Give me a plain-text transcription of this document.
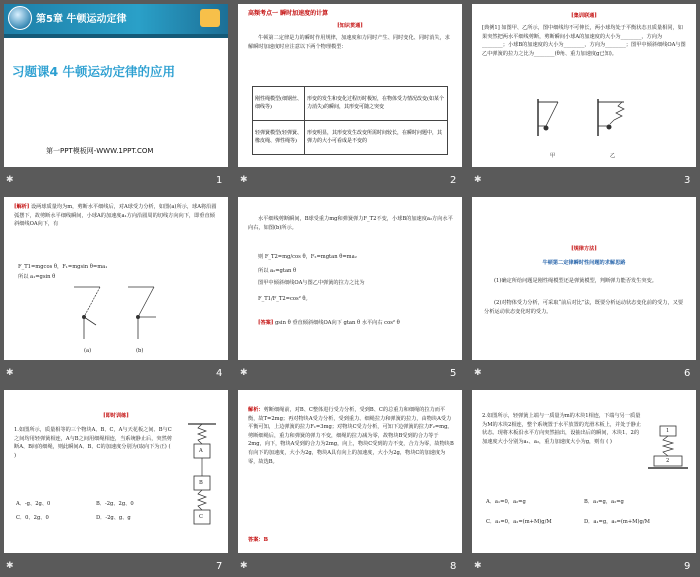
第5章 牛顿运动定律
习题课4 牛顿运动定律的应用
第一PPT模板网-WWW.1PPT.COM
1
✱
高频考点一 瞬时加速度的计算
[知识贯通]
牛顿第二定律是力的瞬时作用规律，加速度和力同时产生、同时变化、同时消失，求解瞬时加速度时应注意以下两个物理模型：
刚性绳模型(细钢丝、细线等)	形变的发生和变化过程历时极短，在物体受力情况改变(如某个力消失)的瞬间，其形变可随之突变
轻弹簧模型(轻弹簧、橡皮绳、弹性绳等)	形变明显，其形变发生改变所需时间较长，在瞬时问题中，其弹力的大小可看成是不变的
2
✱
[集训联通]
[典例1] 如图甲、乙所示，图中细线均不可伸长，两小球均处于平衡状态且质量相同，如果突然把两水平细线剪断，剪断瞬间小球A的加速度的大小为________，方向为________；小球B的加速度的大小为________，方向为________；图甲中倾斜细线OA与图乙中弹簧的拉力之比为________(θ角、重力加速度g已知)。
甲	乙
3
✱
[解析] 设两球质量均为m，剪断水平细线后，对A球受力分析，如图(a)所示，球A将沿圆弧摆下，故剪断水平细线瞬间，小球A的加速度a₁方向沿圆周的切线方向向下，即垂直倾斜细线OA向下，有
F_T1=mgcos θ，F₁=mgsin θ=ma₁
所以 a₁=gsin θ
(a)	(b)
4
✱
水平细线剪断瞬间，B球受重力mg和弹簧弹力F_T2不变，小球B的加速度a₂方向水平向右，如图(b)所示。
则 F_T2=mg/cos θ，F₂=mgtan θ=ma₂
所以 a₂=gtan θ
图甲中倾斜细线OA与图乙中弹簧的拉力之比为
F_T1/F_T2=cos² θ。
[答案] gsin θ 垂直倾斜细线OA向下 gtan θ 水平向右 cos² θ
5
✱
[规律方法]
牛顿第二定律瞬时性问题的求解思路
(1)确定所给问题是刚性绳模型还是弹簧模型，判断弹力能否发生突变。
(2)对物体受力分析，可采取“前后对比”法，既要分析运动状态变化前的受力，又要分析运动状态变化时的受力。
6
✱
[即时训练]
1.如图所示，质量相等的三个物块A、B、C，A与天花板之间、B与C之间均用轻弹簧相连，A与B之间用细绳相连，当系统静止后，突然剪断A、B间的细绳，则此瞬间A、B、C的加速度分别为(取向下为正) ( )
A．-g、2g、0	B．-2g、2g、0
C．0、2g、0	D．-2g、g、g
A
B
C
7
✱
解析：剪断细绳前，对B、C整体进行受力分析，受到B、C的总重力和细绳的拉力而平衡，故T=2mg；再对物块A受力分析，受到重力、细绳拉力和弹簧的拉力，由物块A受力平衡可知，上边弹簧的拉力F₁=3mg；对物块C受力分析，可知下边弹簧的拉力F₂=mg。剪断细绳后，重力和弹簧的弹力不变，细绳的拉力减为零，故物块B受到的合力等于2mg，向下，物块A受到的合力为2mg，向上，物块C受到的力不变，合力为零，故物块B有向下的加速度，大小为2g，物块A具有向上的加速度，大小为2g，物块C的加速度为零，故选B。
答案：B
8
✱
2.如图所示，轻弹簧上端与一质量为m的木块1相连，下端与另一质量为M的木块2相连，整个系统置于水平放置的光滑木板上，并处于静止状态。现将木板沿水平方向突然抽出，设抽出后的瞬间，木块1、2的加速度大小分别为a₁、a₂，重力加速度大小为g，则有 ( )
1
2
A．a₁=0，a₂=g	B．a₁=g，a₂=g
C．a₁=0，a₂=(m+M)g/M	D．a₁=g，a₂=(m+M)g/M
9
✱
